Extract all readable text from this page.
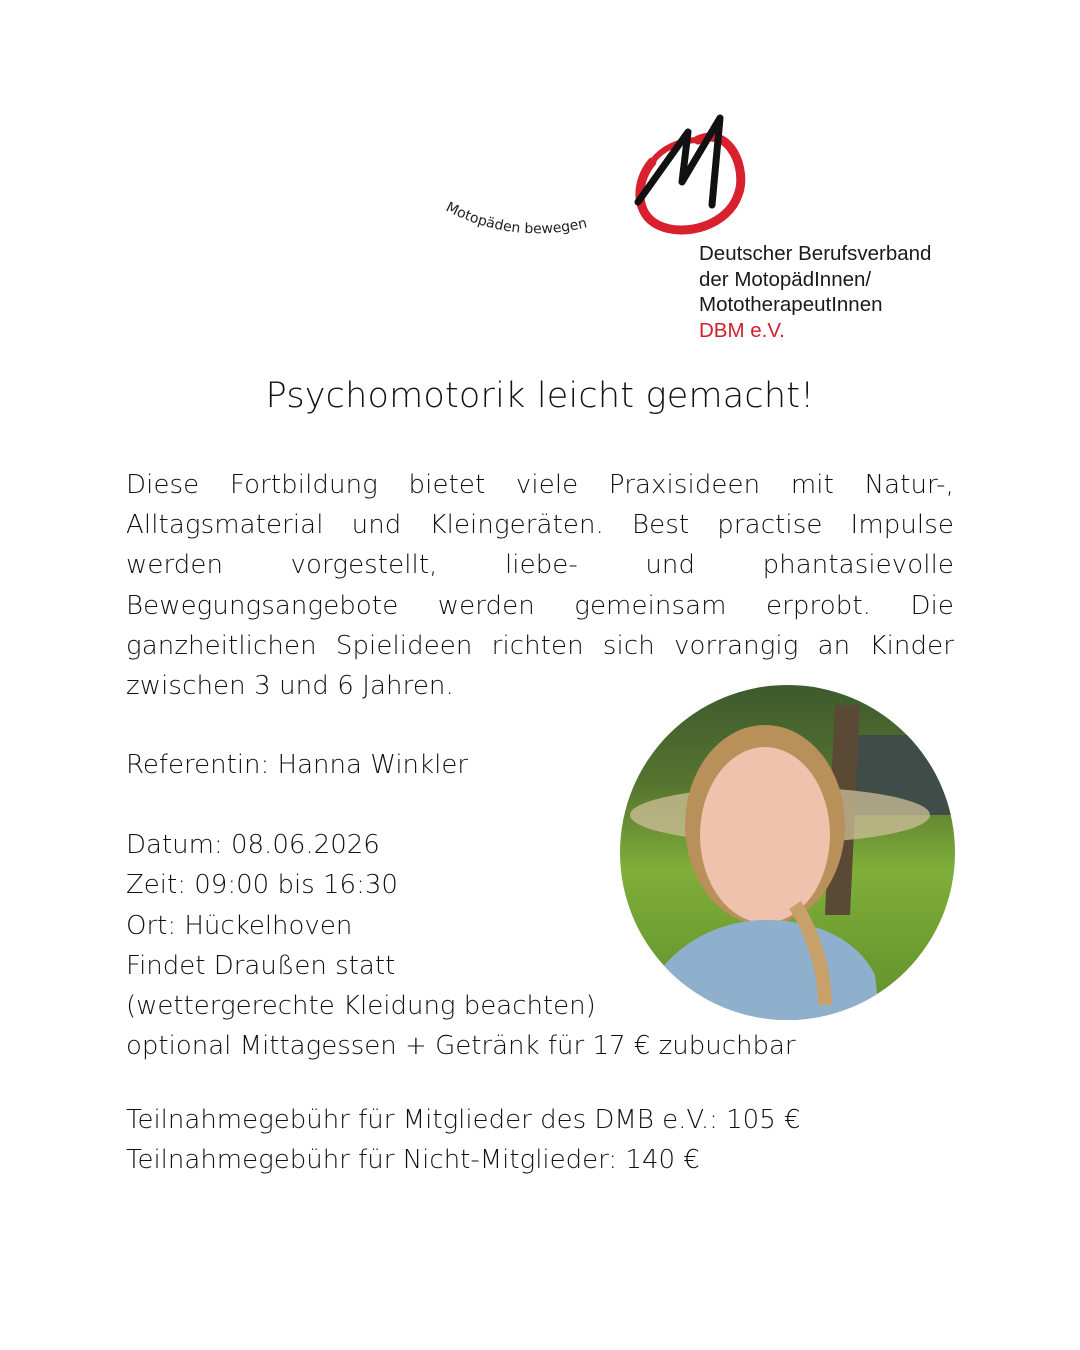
Motopäden bewegen
Deutscher Berufsverband
der MotopädInnen/
MototherapeutInnen
DBM e.V.
Psychomotorik leicht gemacht!
Diese Fortbildung bietet viele Praxisideen mit Natur-, Alltagsmaterial und Kleingeräten. Best practise Impulse werden vorgestellt, liebe- und phantasievolle Bewegungsangebote werden gemeinsam erprobt. Die ganzheitlichen Spielideen richten sich vorrangig an Kinder zwischen 3 und 6 Jahren.
Referentin: Hanna Winkler
Datum: 08.06.2026
Zeit: 09:00 bis 16:30
Ort: Hückelhoven
Findet Draußen statt
(wettergerechte Kleidung beachten)
optional Mittagessen + Getränk für 17 € zubuchbar
Teilnahmegebühr für Mitglieder des DMB e.V.: 105 €
Teilnahmegebühr für Nicht-Mitglieder: 140 €
